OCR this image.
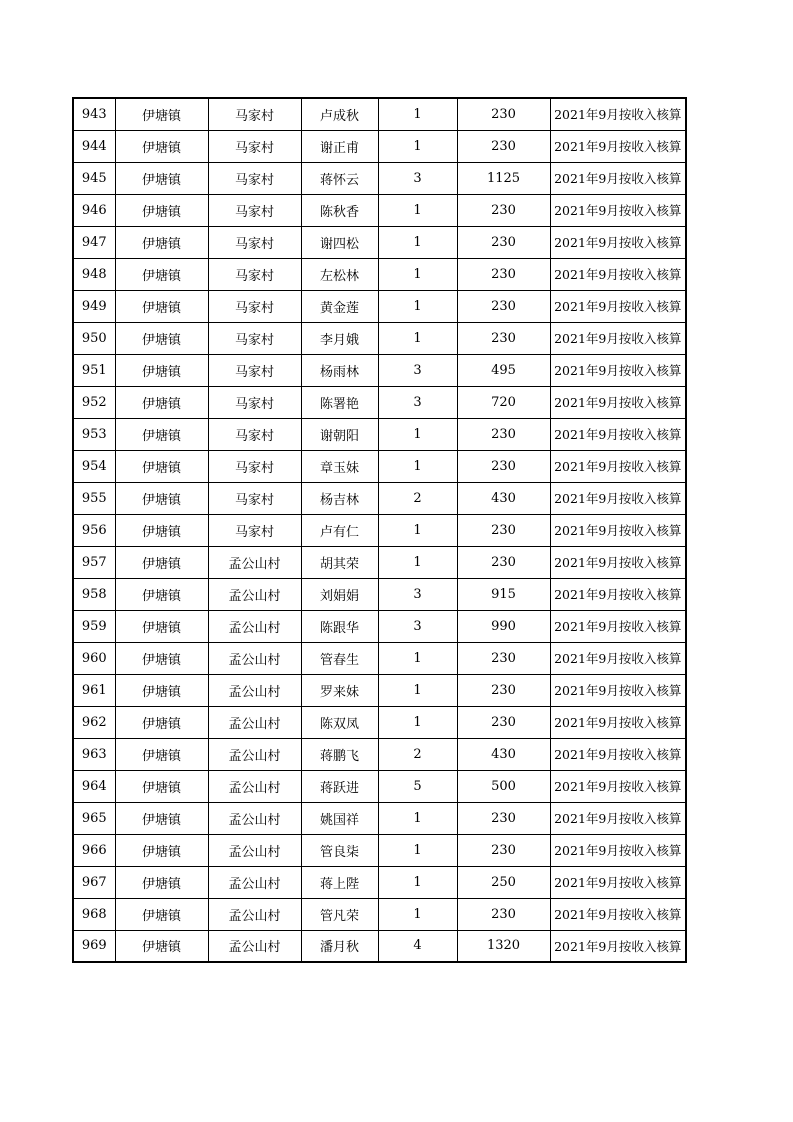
943	伊塘镇	马家村	卢成秋	1	230	2021年9月按收入核算
944	伊塘镇	马家村	谢正甫	1	230	2021年9月按收入核算
945	伊塘镇	马家村	蒋怀云	3	1125	2021年9月按收入核算
946	伊塘镇	马家村	陈秋香	1	230	2021年9月按收入核算
947	伊塘镇	马家村	谢四松	1	230	2021年9月按收入核算
948	伊塘镇	马家村	左松林	1	230	2021年9月按收入核算
949	伊塘镇	马家村	黄金莲	1	230	2021年9月按收入核算
950	伊塘镇	马家村	李月娥	1	230	2021年9月按收入核算
951	伊塘镇	马家村	杨雨林	3	495	2021年9月按收入核算
952	伊塘镇	马家村	陈署艳	3	720	2021年9月按收入核算
953	伊塘镇	马家村	谢朝阳	1	230	2021年9月按收入核算
954	伊塘镇	马家村	章玉妹	1	230	2021年9月按收入核算
955	伊塘镇	马家村	杨吉林	2	430	2021年9月按收入核算
956	伊塘镇	马家村	卢有仁	1	230	2021年9月按收入核算
957	伊塘镇	孟公山村	胡其荣	1	230	2021年9月按收入核算
958	伊塘镇	孟公山村	刘娟娟	3	915	2021年9月按收入核算
959	伊塘镇	孟公山村	陈跟华	3	990	2021年9月按收入核算
960	伊塘镇	孟公山村	管春生	1	230	2021年9月按收入核算
961	伊塘镇	孟公山村	罗来妹	1	230	2021年9月按收入核算
962	伊塘镇	孟公山村	陈双凤	1	230	2021年9月按收入核算
963	伊塘镇	孟公山村	蒋鹏飞	2	430	2021年9月按收入核算
964	伊塘镇	孟公山村	蒋跃进	5	500	2021年9月按收入核算
965	伊塘镇	孟公山村	姚国祥	1	230	2021年9月按收入核算
966	伊塘镇	孟公山村	管良柒	1	230	2021年9月按收入核算
967	伊塘镇	孟公山村	蒋上陛	1	250	2021年9月按收入核算
968	伊塘镇	孟公山村	管凡荣	1	230	2021年9月按收入核算
969	伊塘镇	孟公山村	潘月秋	4	1320	2021年9月按收入核算
